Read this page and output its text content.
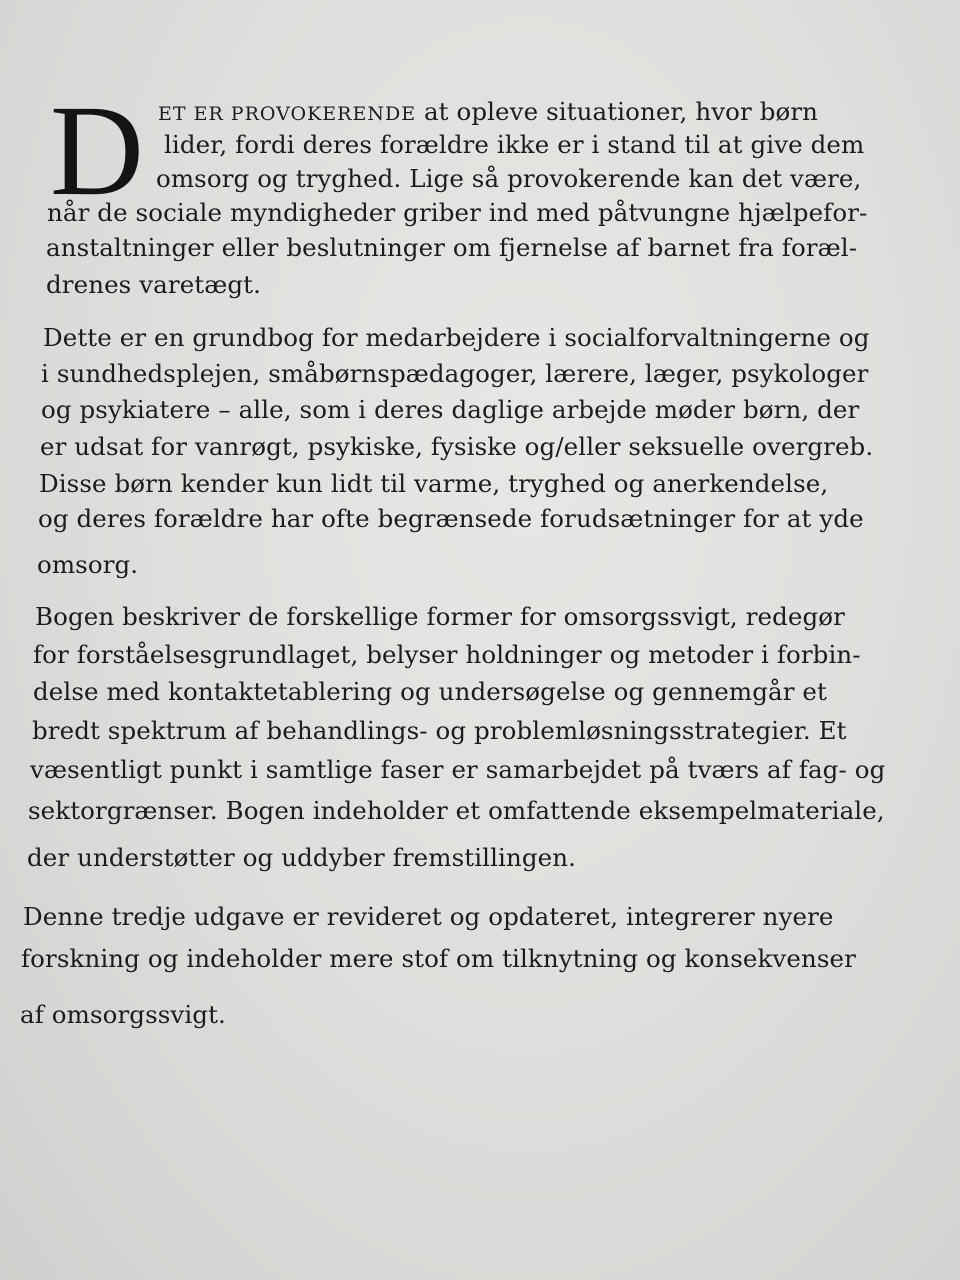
D ET ER PROVOKERENDE at opleve situationer, hvor børn
lider, fordi deres forældre ikke er i stand til at give dem
omsorg og tryghed. Lige så provokerende kan det være,
når de sociale myndigheder griber ind med påtvungne hjælpefor-
anstaltninger eller beslutninger om fjernelse af barnet fra foræl-
drenes varetægt.
Dette er en grundbog for medarbejdere i socialforvaltningerne og
i sundhedsplejen, småbørnspædagoger, lærere, læger, psykologer
og psykiatere – alle, som i deres daglige arbejde møder børn, der
er udsat for vanrøgt, psykiske, fysiske og/eller seksuelle overgreb.
Disse børn kender kun lidt til varme, tryghed og anerkendelse,
og deres forældre har ofte begrænsede forudsætninger for at yde
omsorg.
Bogen beskriver de forskellige former for omsorgssvigt, redegør
for forståelsesgrundlaget, belyser holdninger og metoder i forbin-
delse med kontaktetablering og undersøgelse og gennemgår et
bredt spektrum af behandlings- og problemløsningsstrategier. Et
væsentligt punkt i samtlige faser er samarbejdet på tværs af fag- og
sektorgrænser. Bogen indeholder et omfattende eksempelmateriale,
der understøtter og uddyber fremstillingen.
Denne tredje udgave er revideret og opdateret, integrerer nyere
forskning og indeholder mere stof om tilknytning og konsekvenser
af omsorgssvigt.
